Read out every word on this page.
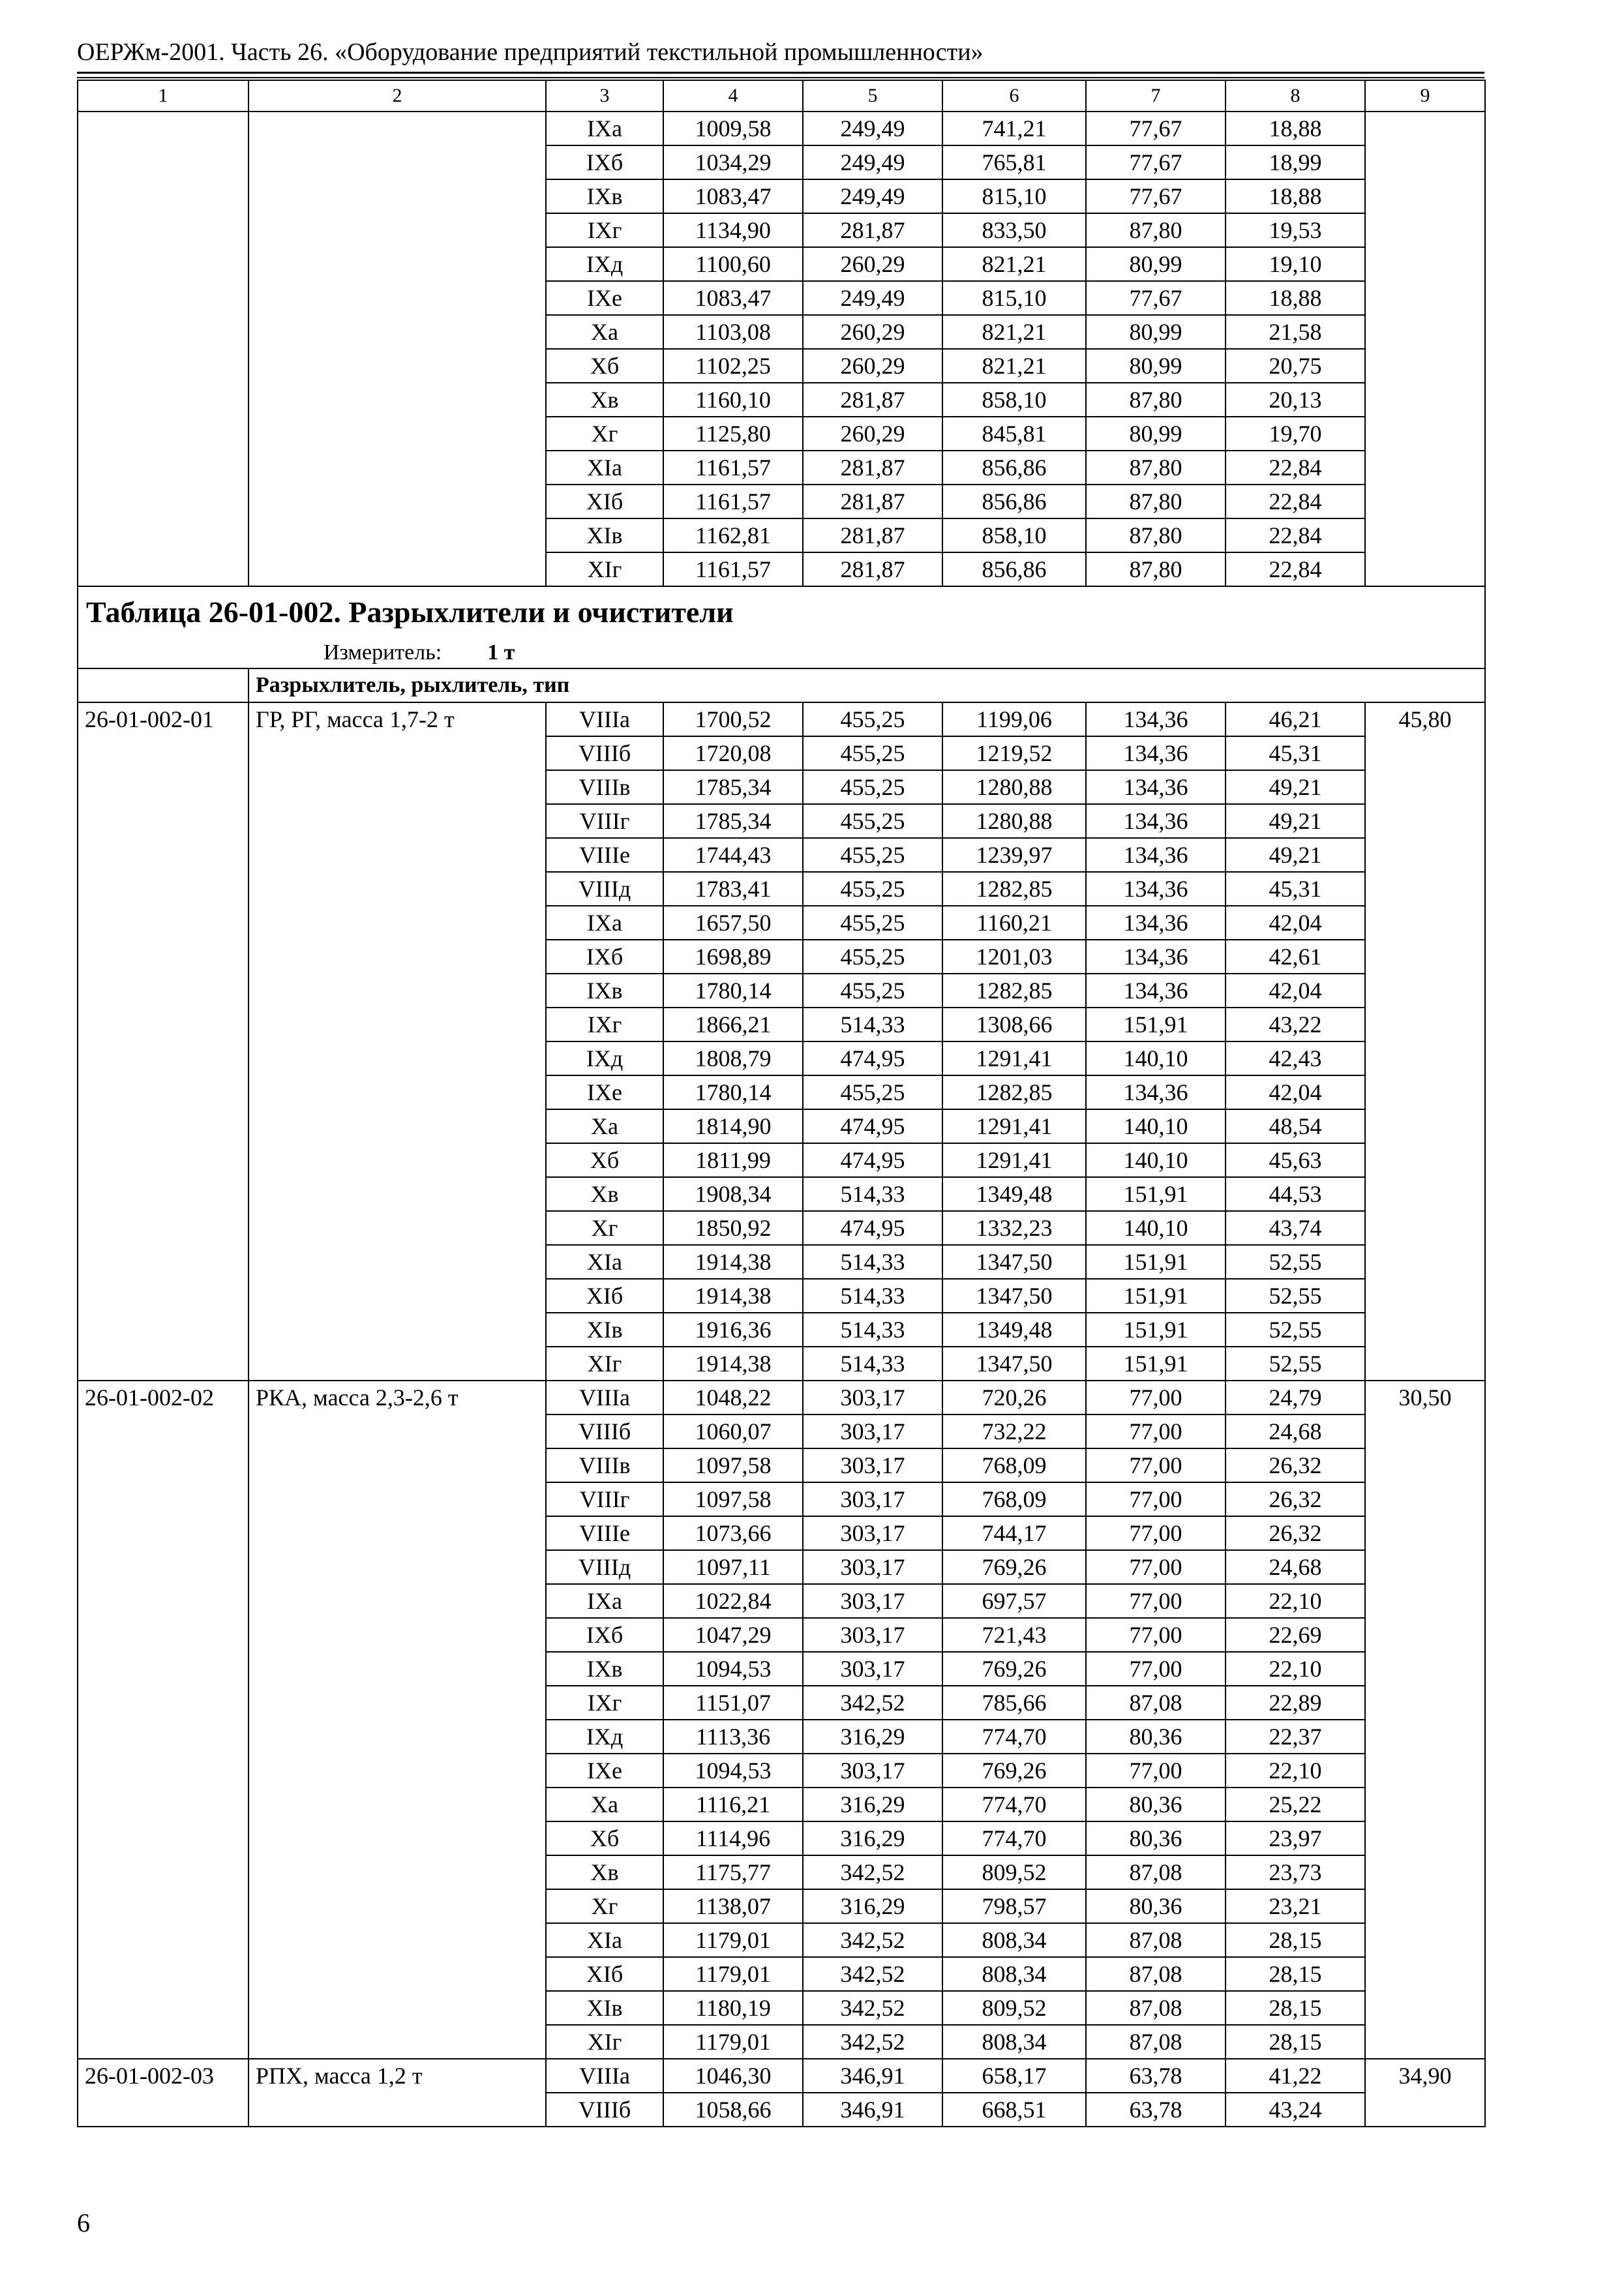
ОЕРЖм-2001. Часть 26. «Оборудование предприятий текстильной промышленности»
1	2	3	4	5	6	7	8	9
		IXа	1009,58	249,49	741,21	77,67	18,88	
		IXб	1034,29	249,49	765,81	77,67	18,99	
		IXв	1083,47	249,49	815,10	77,67	18,88	
		IXг	1134,90	281,87	833,50	87,80	19,53	
		IXд	1100,60	260,29	821,21	80,99	19,10	
		IXе	1083,47	249,49	815,10	77,67	18,88	
		Xа	1103,08	260,29	821,21	80,99	21,58	
		Xб	1102,25	260,29	821,21	80,99	20,75	
		Xв	1160,10	281,87	858,10	87,80	20,13	
		Xг	1125,80	260,29	845,81	80,99	19,70	
		XIа	1161,57	281,87	856,86	87,80	22,84	
		XIб	1161,57	281,87	856,86	87,80	22,84	
		XIв	1162,81	281,87	858,10	87,80	22,84	
		XIг	1161,57	281,87	856,86	87,80	22,84	
Таблица 26-01-002. Разрыхлители и очистители								
Измеритель: 1 т								
	Разрыхлитель, рыхлитель, тип							
26-01-002-01	ГР, РГ, масса 1,7-2 т	VIIIа	1700,52	455,25	1199,06	134,36	46,21	45,80
		VIIIб	1720,08	455,25	1219,52	134,36	45,31	
		VIIIв	1785,34	455,25	1280,88	134,36	49,21	
		VIIIг	1785,34	455,25	1280,88	134,36	49,21	
		VIIIе	1744,43	455,25	1239,97	134,36	49,21	
		VIIIд	1783,41	455,25	1282,85	134,36	45,31	
		IXа	1657,50	455,25	1160,21	134,36	42,04	
		IXб	1698,89	455,25	1201,03	134,36	42,61	
		IXв	1780,14	455,25	1282,85	134,36	42,04	
		IXг	1866,21	514,33	1308,66	151,91	43,22	
		IXд	1808,79	474,95	1291,41	140,10	42,43	
		IXе	1780,14	455,25	1282,85	134,36	42,04	
		Xа	1814,90	474,95	1291,41	140,10	48,54	
		Xб	1811,99	474,95	1291,41	140,10	45,63	
		Xв	1908,34	514,33	1349,48	151,91	44,53	
		Xг	1850,92	474,95	1332,23	140,10	43,74	
		XIа	1914,38	514,33	1347,50	151,91	52,55	
		XIб	1914,38	514,33	1347,50	151,91	52,55	
		XIв	1916,36	514,33	1349,48	151,91	52,55	
		XIг	1914,38	514,33	1347,50	151,91	52,55	
26-01-002-02	РКА, масса 2,3-2,6 т	VIIIа	1048,22	303,17	720,26	77,00	24,79	30,50
		VIIIб	1060,07	303,17	732,22	77,00	24,68	
		VIIIв	1097,58	303,17	768,09	77,00	26,32	
		VIIIг	1097,58	303,17	768,09	77,00	26,32	
		VIIIе	1073,66	303,17	744,17	77,00	26,32	
		VIIIд	1097,11	303,17	769,26	77,00	24,68	
		IXа	1022,84	303,17	697,57	77,00	22,10	
		IXб	1047,29	303,17	721,43	77,00	22,69	
		IXв	1094,53	303,17	769,26	77,00	22,10	
		IXг	1151,07	342,52	785,66	87,08	22,89	
		IXд	1113,36	316,29	774,70	80,36	22,37	
		IXе	1094,53	303,17	769,26	77,00	22,10	
		Xа	1116,21	316,29	774,70	80,36	25,22	
		Xб	1114,96	316,29	774,70	80,36	23,97	
		Xв	1175,77	342,52	809,52	87,08	23,73	
		Xг	1138,07	316,29	798,57	80,36	23,21	
		XIа	1179,01	342,52	808,34	87,08	28,15	
		XIб	1179,01	342,52	808,34	87,08	28,15	
		XIв	1180,19	342,52	809,52	87,08	28,15	
		XIг	1179,01	342,52	808,34	87,08	28,15	
26-01-002-03	РПХ, масса 1,2 т	VIIIа	1046,30	346,91	658,17	63,78	41,22	34,90
		VIIIб	1058,66	346,91	668,51	63,78	43,24	
6
